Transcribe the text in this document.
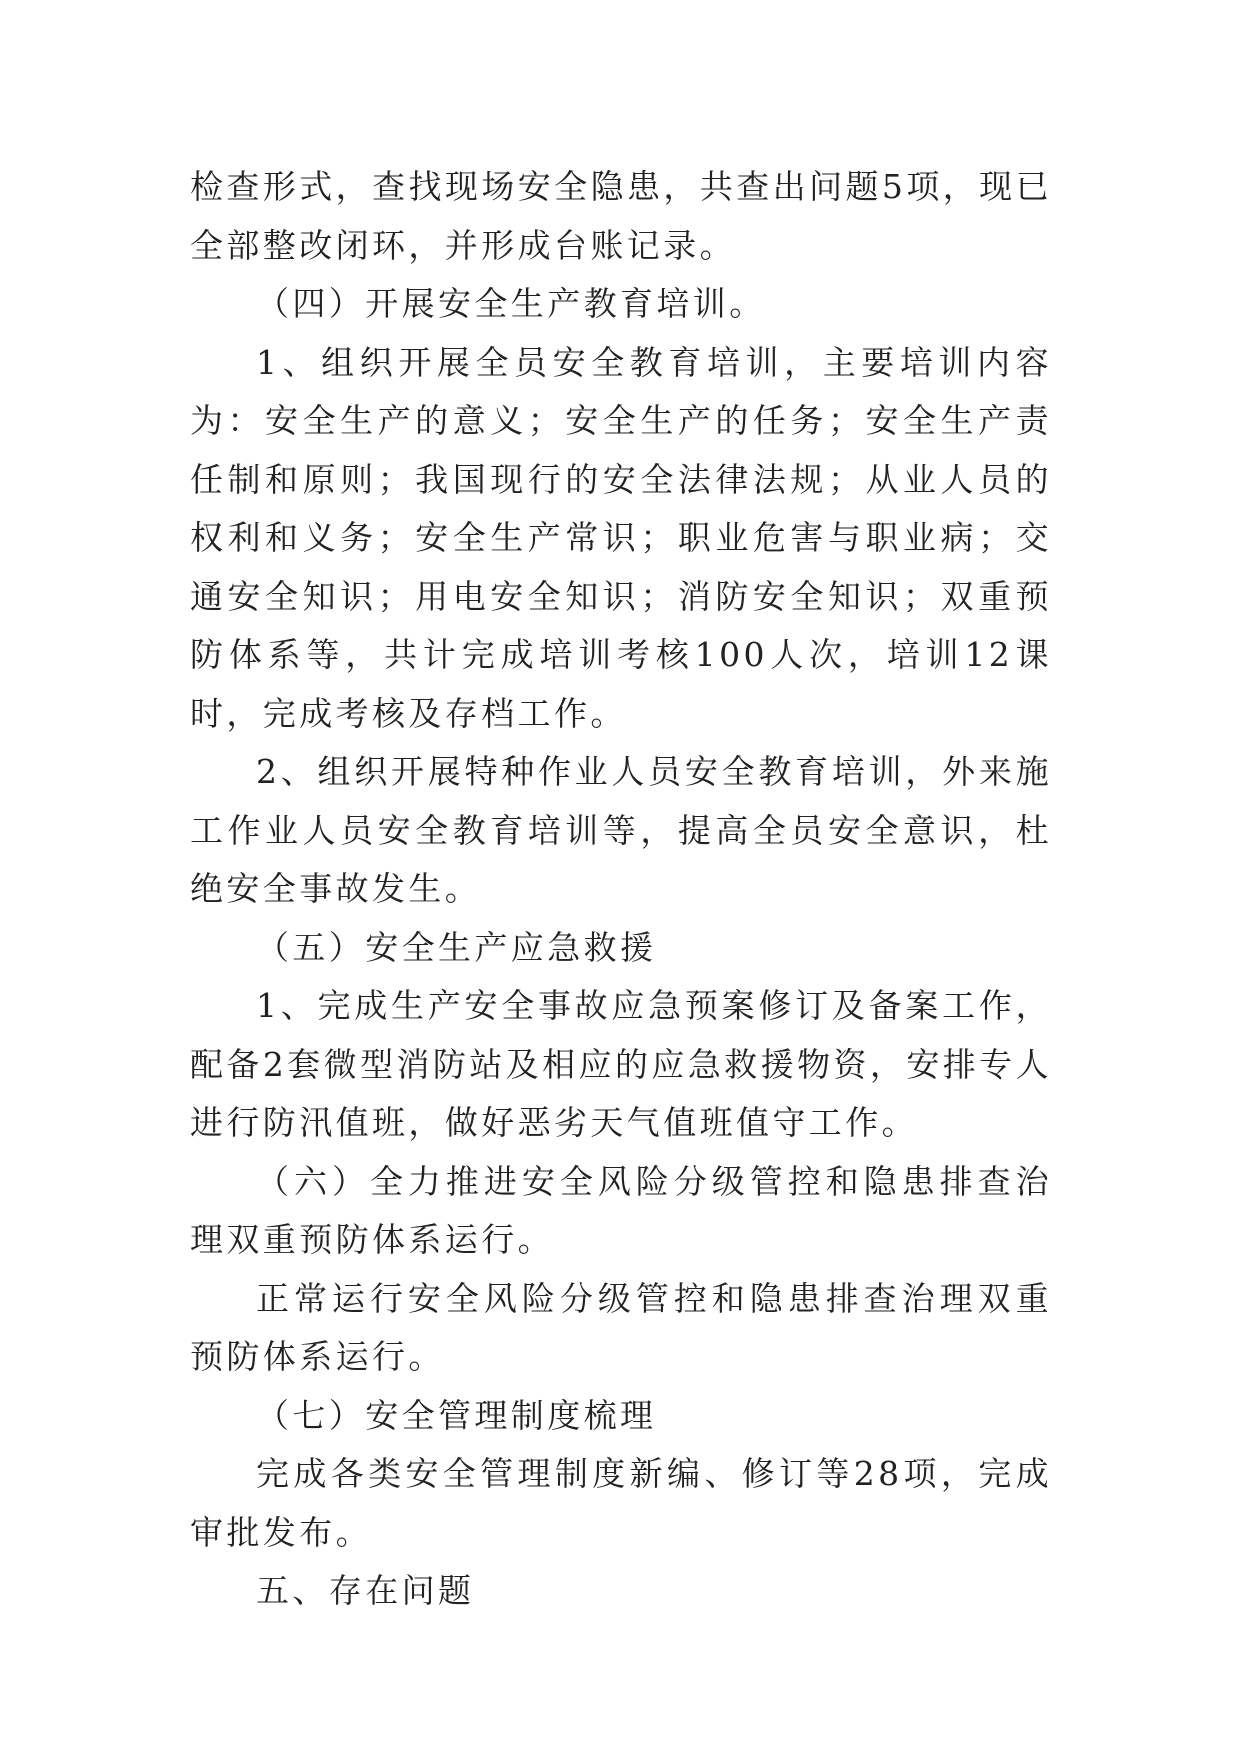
检查形式，查找现场安全隐患，共查出问题5项，现已全部整改闭环，并形成台账记录。

（四）开展安全生产教育培训。

1、组织开展全员安全教育培训，主要培训内容为：安全生产的意义；安全生产的任务；安全生产责任制和原则；我国现行的安全法律法规；从业人员的权利和义务；安全生产常识；职业危害与职业病；交通安全知识；用电安全知识；消防安全知识；双重预防体系等，共计完成培训考核100人次，培训12课时，完成考核及存档工作。

2、组织开展特种作业人员安全教育培训，外来施工作业人员安全教育培训等，提高全员安全意识，杜绝安全事故发生。

（五）安全生产应急救援

1、完成生产安全事故应急预案修订及备案工作，配备2套微型消防站及相应的应急救援物资，安排专人进行防汛值班，做好恶劣天气值班值守工作。

（六）全力推进安全风险分级管控和隐患排查治理双重预防体系运行。

正常运行安全风险分级管控和隐患排查治理双重预防体系运行。

（七）安全管理制度梳理

完成各类安全管理制度新编、修订等28项，完成审批发布。

五、存在问题
